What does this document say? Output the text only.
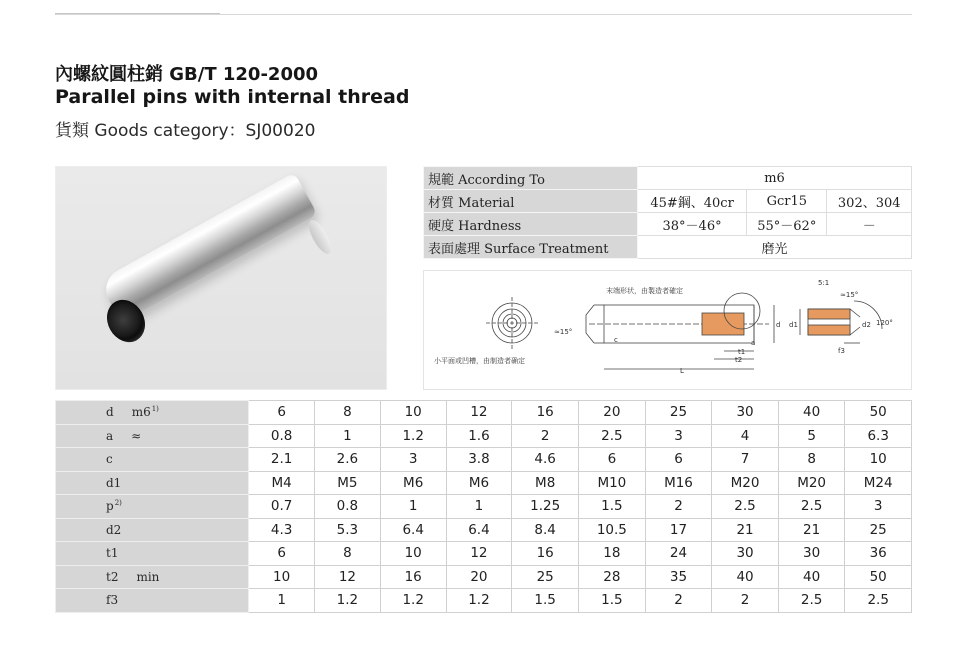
內螺紋圓柱銷 GB/T 120-2000
Parallel pins with internal thread
貨類 Goods category：SJ00020
規範 According To	m6		
材質 Material	45#鋼、40cr	Gcr15	302、304
硬度 Hardness	38°－46°	55°－62°	－
表面處理 Surface Treatment	磨光		
≈15°
小平面或凹槽，由制造者确定
末端形状，由製造者確定
L
t2
t1
a
c
d
5:1
≈15°
120°
d1	d2
f3
d m6$^{1)}$	6	8	10	12	16	20	25	30	40	50
a ≈	0.8	1	1.2	1.6	2	2.5	3	4	5	6.3
c	2.1	2.6	3	3.8	4.6	6	6	7	8	10
d1	M4	M5	M6	M6	M8	M10	M16	M20	M20	M24
$p^{2)}$	0.7	0.8	1	1	1.25	1.5	2	2.5	2.5	3
d2	4.3	5.3	6.4	6.4	8.4	10.5	17	21	21	25
t1	6	8	10	12	16	18	24	30	30	36
t2 min	10	12	16	20	25	28	35	40	40	50
f3	1	1.2	1.2	1.2	1.5	1.5	2	2	2.5	2.5
